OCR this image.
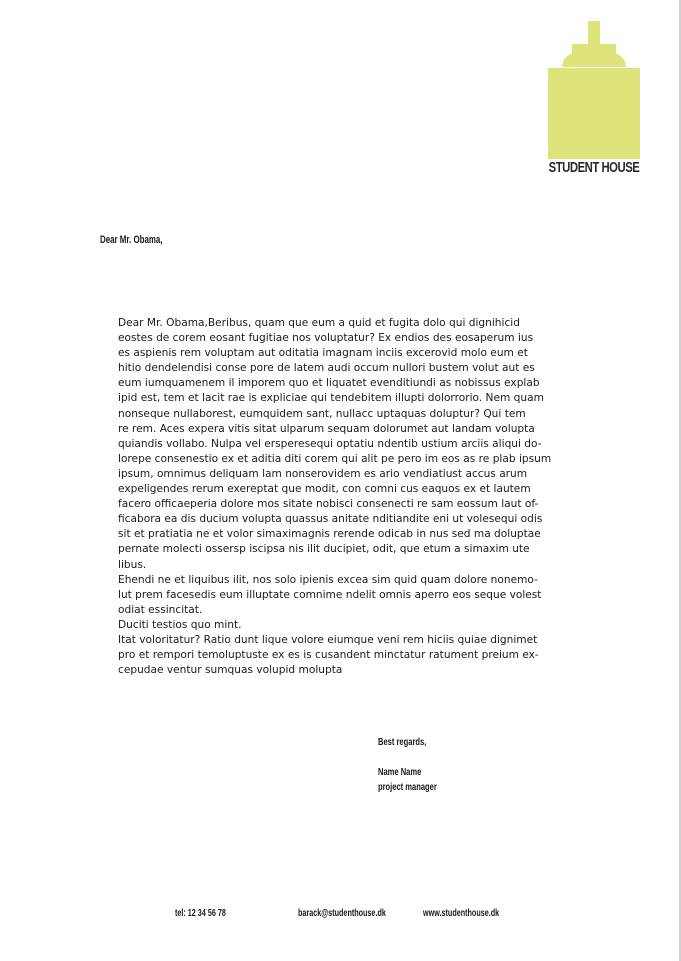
STUDENT HOUSE
Dear Mr. Obama,

Dear Mr. Obama,Beribus, quam que eum a quid et fugita dolo qui dignihicid

eostes de corem eosant fugitiae nos voluptatur? Ex endios des eosaperum ius

es aspienis rem voluptam aut oditatia imagnam inciis excerovid molo eum et

hitio dendelendisi conse pore de latem audi occum nullori bustem volut aut es

eum iumquamenem il imporem quo et liquatet evenditiundi as nobissus explab

ipid est, tem et lacit rae is expliciae qui tendebitem illupti dolorrorio. Nem quam

nonseque nullaborest, eumquidem sant, nullacc uptaquas doluptur? Qui tem

re rem. Aces expera vitis sitat ulparum sequam dolorumet aut landam volupta

quiandis vollabo. Nulpa vel ersperesequi optatiu ndentib ustium arciis aliqui do-

lorepe consenestio ex et aditia diti corem qui alit pe pero im eos as re plab ipsum

ipsum, omnimus deliquam lam nonserovidem es ario vendiatiust accus arum

expeligendes rerum exereptat que modit, con comni cus eaquos ex et lautem

facero officaeperia dolore mos sitate nobisci consenecti re sam eossum laut of-

ficabora ea dis ducium volupta quassus anitate nditiandite eni ut volesequi odis

sit et pratiatia ne et volor simaximagnis rerende odicab in nus sed ma doluptae

pernate molecti ossersp iscipsa nis ilit ducipiet, odit, que etum a simaxim ute

libus.

Ehendi ne et liquibus ilit, nos solo ipienis excea sim quid quam dolore nonemo-

lut prem facesedis eum illuptate comnime ndelit omnis aperro eos seque volest

odiat essincitat.

Duciti testios quo mint.

Itat voloritatur? Ratio dunt lique volore eiumque veni rem hiciis quiae dignimet

pro et rempori temoluptuste ex es is cusandent minctatur ratument preium ex-

cepudae ventur sumquas volupid molupta

Best regards,
Name Name
project manager
tel: 12 34 56 78	barack@studenthouse.dk	www.studenthouse.dk
